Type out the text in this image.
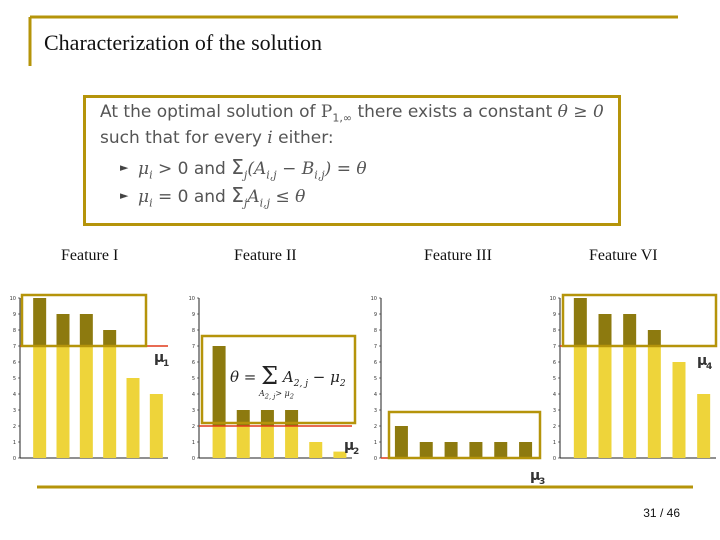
Characterization of the solution
At the optimal solution of $P_{1,\infty}$ there exists a constant θ ≥ 0
such that for every i either:
► $\mu_i > 0$ and $\Sigma_j(A_{i,j} - B_{i,j}) = \theta$
► $\mu_i = 0$ and $\Sigma_jA_{i,j} \le \theta$
Feature I	Feature II	Feature III	Feature VI
0
1
2
3
4
5
6
7
8
9
10
μ
1
0
1
2
3
4
5
6
7
8
9
10
μ
2
0
1
2
3
4
5
6
7
8
9
10
μ
3
0
1
2
3
4
5
6
7
8
9
10
μ
4
θ = Σ $A_{2, j} - \mu_2$
$A_{2, j}> \mu_2$
31 / 46
